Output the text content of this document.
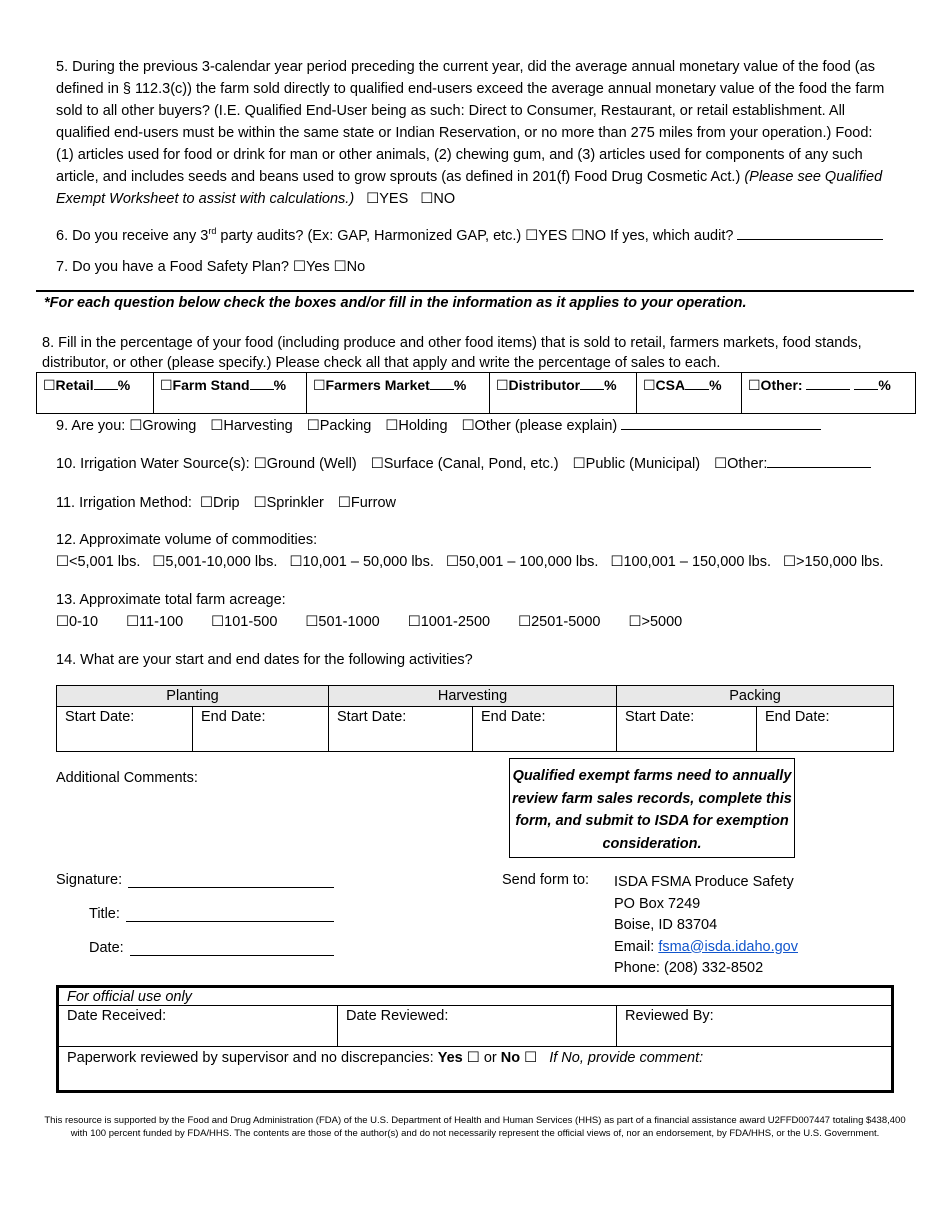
5. During the previous 3-calendar year period preceding the current year, did the average annual monetary value of the food (as defined in § 112.3(c)) the farm sold directly to qualified end-users exceed the average annual monetary value of the food the farm sold to all other buyers? (I.E. Qualified End-User being as such: Direct to Consumer, Restaurant, or retail establishment. All qualified end-users must be within the same state or Indian Reservation, or no more than 275 miles from your operation.) Food: (1) articles used for food or drink for man or other animals, (2) chewing gum, and (3) articles used for components of any such article, and includes seeds and beans used to grow sprouts (as defined in 201(f) Food Drug Cosmetic Act.) (Please see Qualified Exempt Worksheet to assist with calculations.) ☐YES ☐NO
6. Do you receive any 3rd party audits? (Ex: GAP, Harmonized GAP, etc.) ☐YES ☐NO If yes, which audit?
7. Do you have a Food Safety Plan? ☐Yes ☐No
*For each question below check the boxes and/or fill in the information as it applies to your operation.
8. Fill in the percentage of your food (including produce and other food items) that is sold to retail, farmers markets, food stands, distributor, or other (please specify.) Please check all that apply and write the percentage of sales to each.
☐Retail %	☐Farm Stand %	☐Farmers Market %	☐Distributor %	☐CSA %	☐Other:	%
9. Are you: ☐Growing ☐Harvesting ☐Packing ☐Holding ☐Other (please explain)
10. Irrigation Water Source(s): ☐Ground (Well) ☐Surface (Canal, Pond, etc.) ☐Public (Municipal) ☐Other:
11. Irrigation Method: ☐Drip ☐Sprinkler ☐Furrow
12. Approximate volume of commodities:
☐<5,001 lbs. ☐5,001-10,000 lbs. ☐10,001 – 50,000 lbs. ☐50,001 – 100,000 lbs. ☐100,001 – 150,000 lbs. ☐>150,000 lbs.
13. Approximate total farm acreage:
☐0-10 ☐11-100 ☐101-500 ☐501-1000 ☐1001-2500 ☐2501-5000 ☐>5000
14. What are your start and end dates for the following activities?
Planting		Harvesting		Packing	
Start Date:	End Date:	Start Date:	End Date:	Start Date:	End Date:
Additional Comments:	Qualified exempt farms need to annually review farm sales records, complete this form, and submit to ISDA for exemption consideration.
Signature:
Title:
Date:
Send form to: ISDA FSMA Produce Safety
PO Box 7249
Boise, ID 83704
Email: fsma@isda.idaho.gov
Phone: (208) 332-8502
For official use only
Date Received:	Date Reviewed:	Reviewed By:
Paperwork reviewed by supervisor and no discrepancies: Yes ☐ or No ☐ If No, provide comment:
This resource is supported by the Food and Drug Administration (FDA) of the U.S. Department of Health and Human Services (HHS) as part of a financial assistance award U2FFD007447 totaling $438,400 with 100 percent funded by FDA/HHS. The contents are those of the author(s) and do not necessarily represent the official views of, nor an endorsement, by FDA/HHS, or the U.S. Government.
